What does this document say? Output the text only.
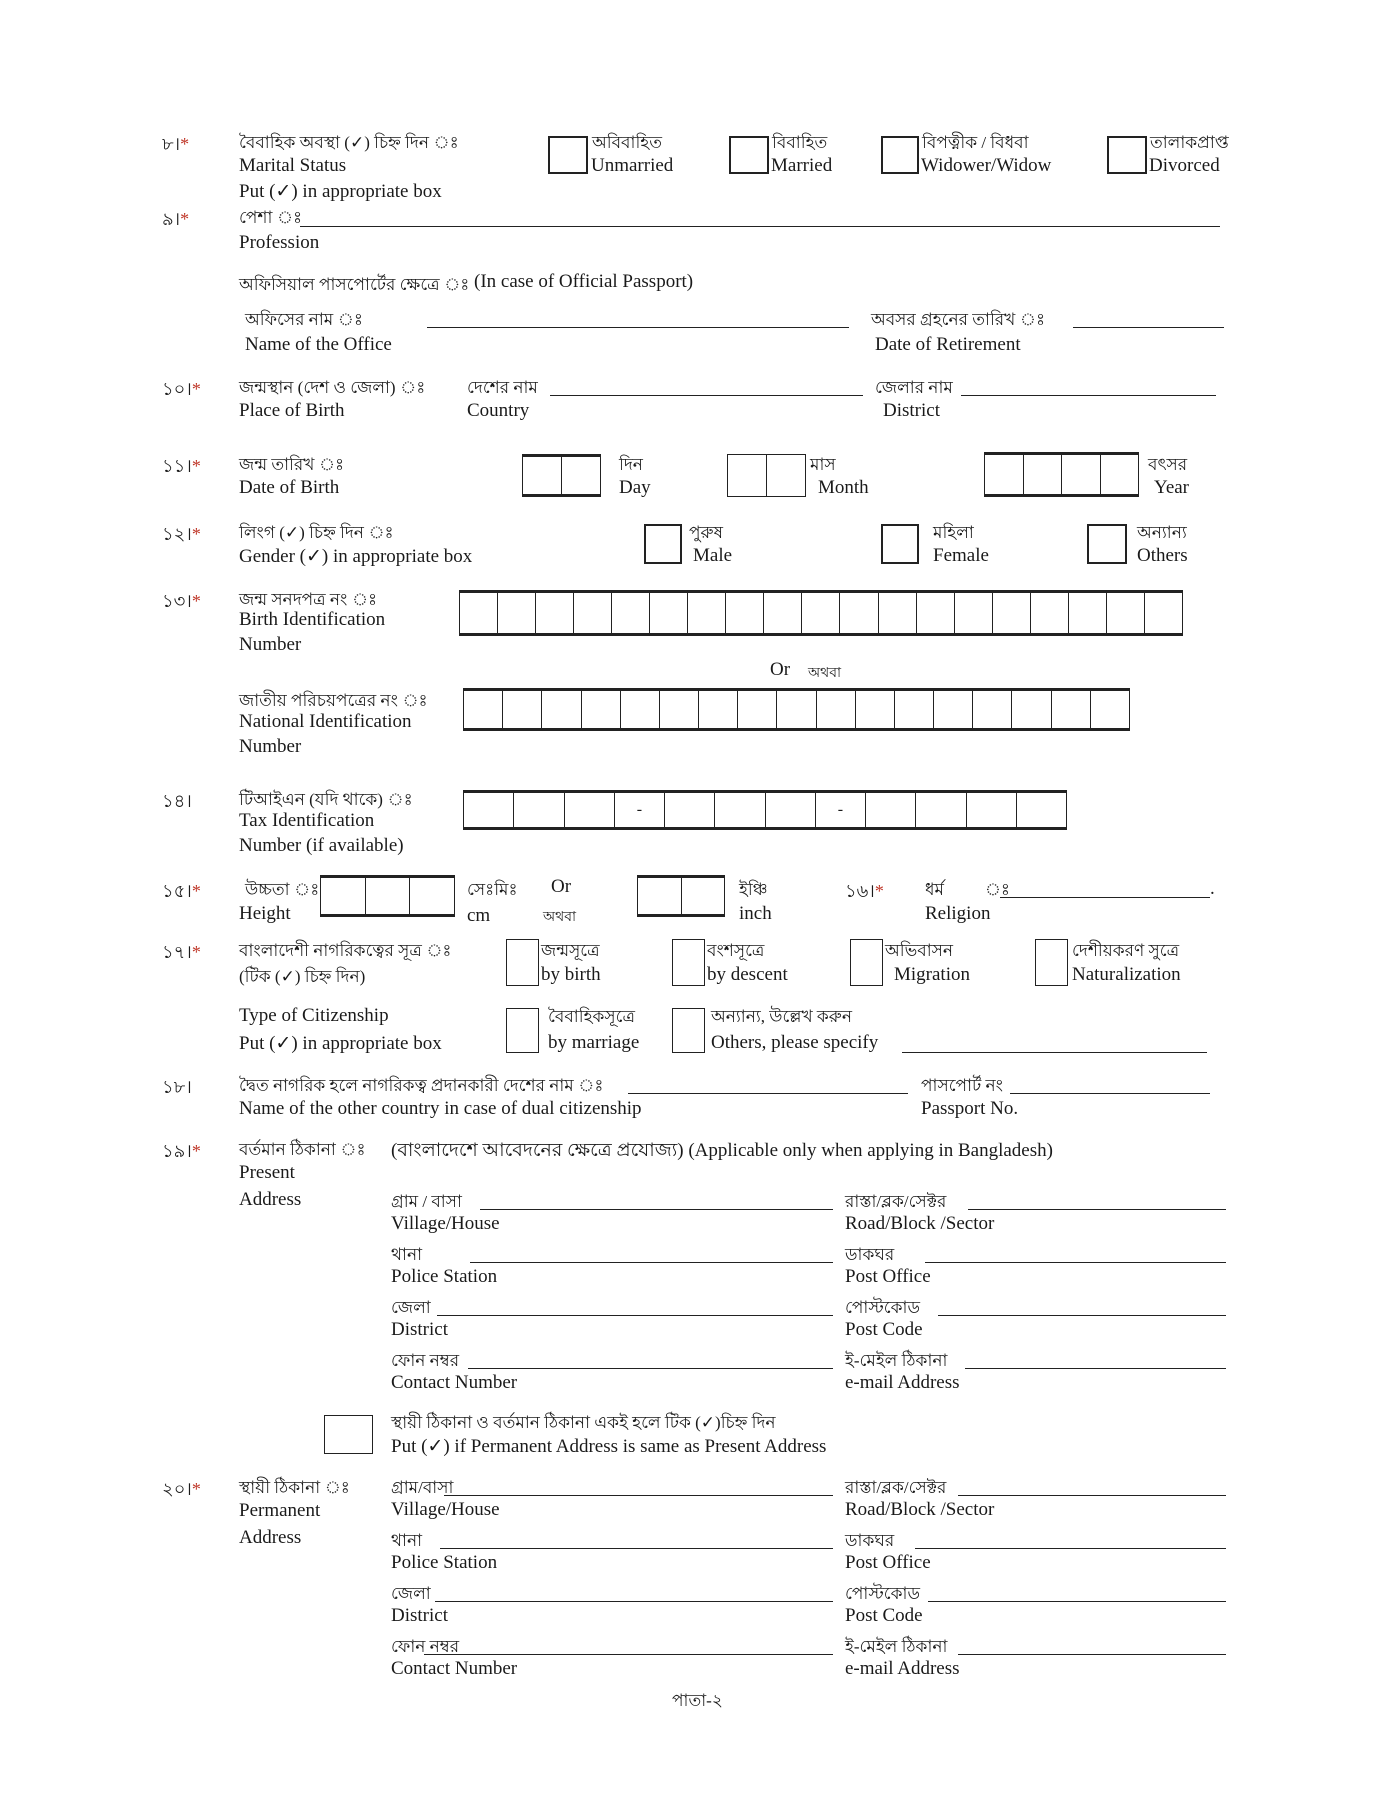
৮।*	বৈবাহিক অবস্থা (✓) চিহ্ন দিন ঃ
Marital Status
Put (✓) in appropriate box
অবিবাহিত
Unmarried
বিবাহিত
Married
বিপত্নীক / বিধবা
Widower/Widow
তালাকপ্রাপ্ত
Divorced
৯।*	পেশা ঃ
Profession
অফিসিয়াল পাসপোর্টের ক্ষেত্রে ঃ (In case of Official Passport)
অফিসের নাম ঃ
Name of the Office
অবসর গ্রহনের তারিখ ঃ
Date of Retirement
১০।* জন্মস্থান (দেশ ও জেলা) ঃ
Place of Birth
দেশের নাম
Country
জেলার নাম
District
১১।* জন্ম তারিখ ঃ
Date of Birth
দিন
Day
মাস
Month
বৎসর
Year
১২।* লিংগ (✓) চিহ্ন দিন ঃ
Gender (✓) in appropriate box
পুরুষ
Male
মহিলা
Female
অন্যান্য
Others
১৩।* জন্ম সনদপত্র নং ঃ
Birth Identification
Number
Or অথবা
জাতীয় পরিচয়পত্রের নং ঃ
National Identification
Number
১৪।	টিআইএন (যদি থাকে) ঃ
Tax Identification
Number (if available)
-	-
১৫।*	উচ্চতা ঃ
Height
সেঃমিঃ
cm
Or
অথবা
ইঞ্চি
inch
১৬।* ধর্ম ঃ	.
Religion
১৭।* বাংলাদেশী নাগরিকত্বের সূত্র ঃ
(টিক (✓) চিহ্ন দিন)
জন্মসূত্রে
by birth
বংশসূত্রে
by descent
অভিবাসন
Migration
দেশীয়করণ সুত্রে
Naturalization
Type of Citizenship
Put (✓) in appropriate box
বৈবাহিকসূত্রে
by marriage
অন্যান্য, উল্লেখ করুন
Others, please specify
১৮।	দ্বৈত নাগরিক হলে নাগরিকত্ব প্রদানকারী দেশের নাম ঃ
Name of the other country in case of dual citizenship
পাসপোর্ট নং
Passport No.
১৯।* বর্তমান ঠিকানা ঃ (বাংলাদেশে আবেদনের ক্ষেত্রে প্রযোজ্য) (Applicable only when applying in Bangladesh)
Present
Address	গ্রাম / বাসা
Village/House
রাস্তা/ব্লক/সেক্টর
Road/Block /Sector
থানা
Police Station
ডাকঘর
Post Office
জেলা
District
পোস্টকোড
Post Code
ফোন নম্বর
Contact Number
ই-মেইল ঠিকানা
e-mail Address
স্থায়ী ঠিকানা ও বর্তমান ঠিকানা একই হলে টিক (✓)চিহ্ন দিন
Put (✓) if Permanent Address is same as Present Address
২০।* স্থায়ী ঠিকানা ঃ
Permanent
Address
গ্রাম/বাসা
Village/House
রাস্তা/ব্লক/সেক্টর
Road/Block /Sector
থানা
Police Station
ডাকঘর
Post Office
জেলা
District
পোস্টকোড
Post Code
ফোন নম্বর
Contact Number
ই-মেইল ঠিকানা
e-mail Address
পাতা-২
